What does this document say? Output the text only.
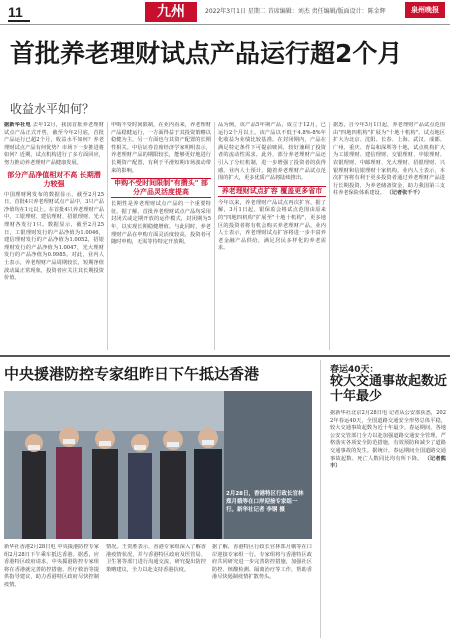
11	九州	2022年3月1日 星期二 首席编辑：刘杰 责任编辑/版面设计：陈金辉	泉州晚报
首批养老理财试点产品运行超2个月
收益水平如何？
据新华社电 去年12月，我国首批养老理财试点产品正式开售，截至今年2月底，首批产品运行已超2个月，收益水平如何？养老理财试点产品有何优势？市场下一步推进将如何？近期，试点机构进行了多方面回应，努力推动养老理财产品健康发展。
部分产品净值相对不高 长期潜力较强
中国理财网发布的数据显示，截至2月25日，首批4只养老理财试点产品中，3只产品净值均在1元以上。在首批4只养老理财产品中，工银理财、建信理财、招银理财、光大理财各发行1只。数据显示，截至2月25日，工银理财发行的产品净值为1.0046，建信理财发行的产品净值为1.0052，招银理财发行的产品净值为1.0047，光大理财发行的产品净值为0.9985。对此，业内人士表示，养老理财产品周期较长，短期净值波动属正常现象，投资者应关注其长期投资价值。
申购不受时间限制，在业内看来，养老理财产品稳健运行，一方面得益于其投资策略以稳健为主，另一方面也与其资产配置的长期性相关。中信证券首席经济学家明明表示，养老理财产品的期限较长，能够更好地进行长期资产配置，有利于平滑短期市场波动带来的影响。
申购不受时间限制"有攒头" 部分产品灵活度提高
长期性是养老理财试点产品的一个重要特征。据了解，首批养老理财试点产品均采用封闭式或定期开放的运作模式，封闭期为5年，以实现长期稳健增值。与此同时，养老理财产品在申购方面灵活度较高，投资者可随时申购，无需等待特定开放期。
品为例，该产品5年期产品，成立于12月，已运行2个月以上。该产品以不低于4.8%-8%年化收益为业绩比较基准。在封闭期内，产品在满足特定条件下可提前赎回，较好兼顾了投资者的流动性需求。此外，部分养老理财产品还引入了分红机制，进一步增强了投资者的获得感。业内人士预计，随着养老理财产品试点范围的扩大，更多优质产品将陆续推出。
养老理财试点扩容 覆盖更多省市
今年以来，养老理财产品试点再次扩容。据了解，3月1日起，银保监会将试点范围由原来的"四地四机构"扩展至"十地十机构"，更多地区的投资者将有机会购买养老理财产品。业内人士表示，养老理财试点扩容将进一步丰富养老金融产品供给，满足居民多样化的养老需求。
据悉，自今年3月1日起，养老理财产品试点范围由"四地四机构"扩展为"十地十机构"。试点地区扩大为北京、沈阳、长春、上海、武汉、成都、广州、重庆、青岛和深圳等十地，试点机构扩大为工银理财、建信理财、交银理财、中银理财、农银理财、中邮理财、光大理财、招银理财、兴银理财和信银理财十家机构。业内人士表示，本次扩容将有利于更多投资者通过养老理财产品进行长期投资，为养老储备资金，助力我国第三支柱养老保险体系建设。 （记者张千千）
中央援港防控专家组昨日下午抵达香港
2月28日，香港特区行政长官林郑月娥等在口岸迎接专家组一行。新华社记者 李钢 摄
新华社香港2月28日电 中央援港防控专家组2月28日下午乘车抵达香港。据悉，应香港特区政府请求，中央援港防控专家组将在香港就完善防控措施、医疗救治等提供指导建议，助力香港特区政府尽快控制疫情。
情况。王贺胜表示，香港专家组深入了解香港疫情状况，并与香港特区政府及医管局、卫生署等部门进行沟通交流，研究提出防控策略建议，全力以赴支持香港抗疫。
据了解，香港特区行政长官林郑月娥等在口岸迎接专家组一行。专家组将与香港特区政府共同研究进一步完善防控措施，加强社区防控、核酸检测、隔离治疗等工作，帮助香港尽快遏制疫情扩散势头。
春运40天：
较大交通事故起数近十年最少
据新华社北京2月28日电 记者从公安部获悉，2022年春运40天，全国道路交通安全形势总体平稳，较大交通事故起数为近十年最少。春运期间，各地公安交管部门全力以赴加强道路交通安全管理，严格落实各项安全防范措施，有效预防和减少了道路交通事故的发生。据统计，春运期间全国道路交通事故起数、死亡人数同比均有所下降。 （记者熊丰）
